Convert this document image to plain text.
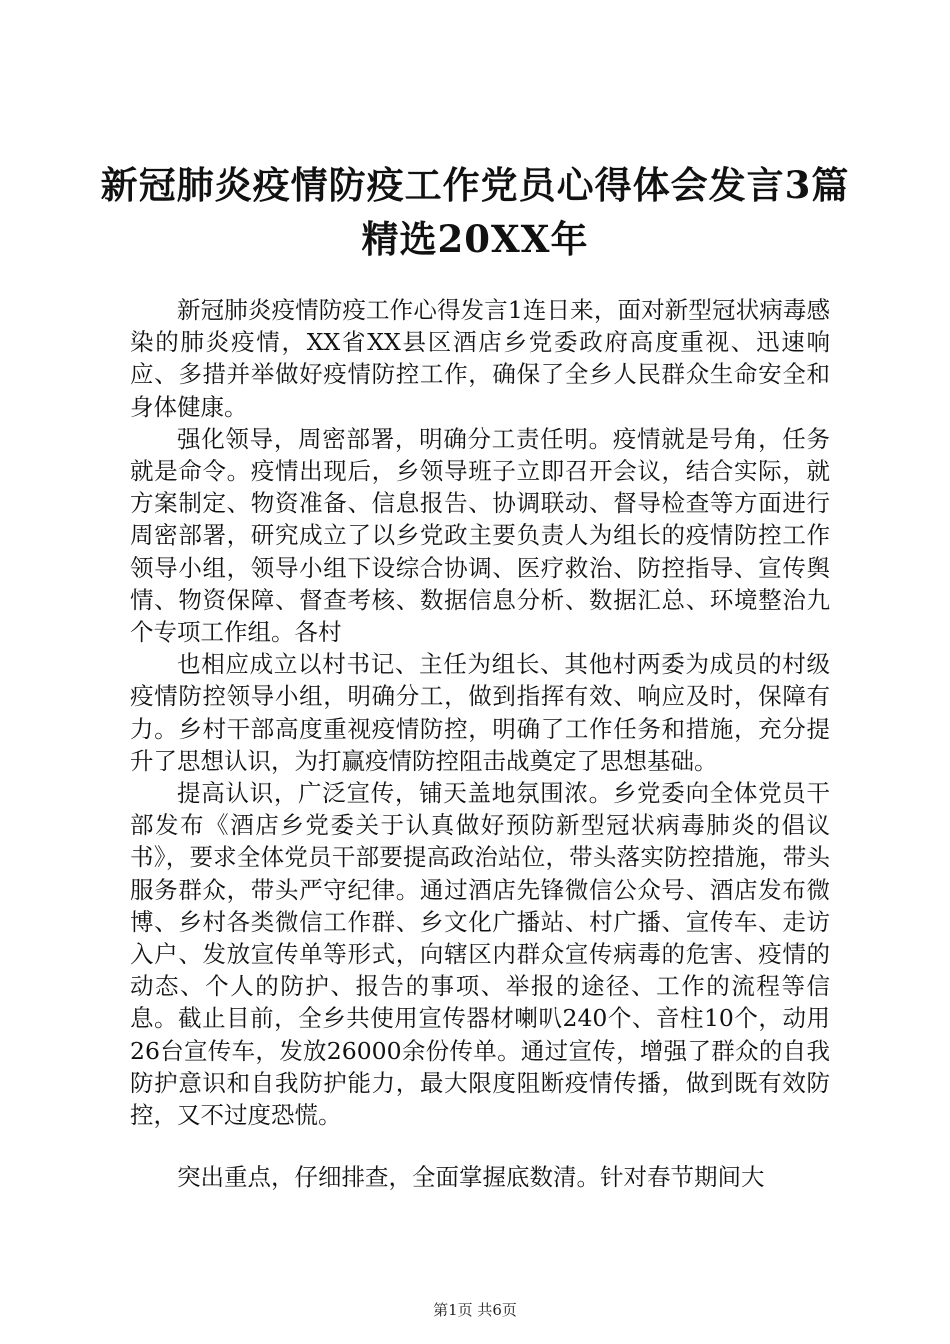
新冠肺炎疫情防疫工作党员心得体会发言3篇
精选20XX年

新冠肺炎疫情防疫工作心得发言1连日来，面对新型冠状病毒感染的肺炎疫情，XX省XX县区酒店乡党委政府高度重视、迅速响应、多措并举做好疫情防控工作，确保了全乡人民群众生命安全和身体健康。

强化领导，周密部署，明确分工责任明。疫情就是号角，任务就是命令。疫情出现后，乡领导班子立即召开会议，结合实际，就方案制定、物资准备、信息报告、协调联动、督导检查等方面进行周密部署，研究成立了以乡党政主要负责人为组长的疫情防控工作领导小组，领导小组下设综合协调、医疗救治、防控指导、宣传舆情、物资保障、督查考核、数据信息分析、数据汇总、环境整治九个专项工作组。各村

也相应成立以村书记、主任为组长、其他村两委为成员的村级疫情防控领导小组，明确分工，做到指挥有效、响应及时，保障有力。乡村干部高度重视疫情防控，明确了工作任务和措施，充分提升了思想认识，为打赢疫情防控阻击战奠定了思想基础。

提高认识，广泛宣传，铺天盖地氛围浓。乡党委向全体党员干部发布《酒店乡党委关于认真做好预防新型冠状病毒肺炎的倡议书》，要求全体党员干部要提高政治站位，带头落实防控措施，带头服务群众，带头严守纪律。通过酒店先锋微信公众号、酒店发布微博、乡村各类微信工作群、乡文化广播站、村广播、宣传车、走访入户、发放宣传单等形式，向辖区内群众宣传病毒的危害、疫情的动态、个人的防护、报告的事项、举报的途径、工作的流程等信息。截止目前，全乡共使用宣传器材喇叭240个、音柱10个，动用26台宣传车，发放26000余份传单。通过宣传，增强了群众的自我防护意识和自我防护能力，最大限度阻断疫情传播，做到既有效防控，又不过度恐慌。

突出重点，仔细排查，全面掌握底数清。针对春节期间大

第1页 共6页
